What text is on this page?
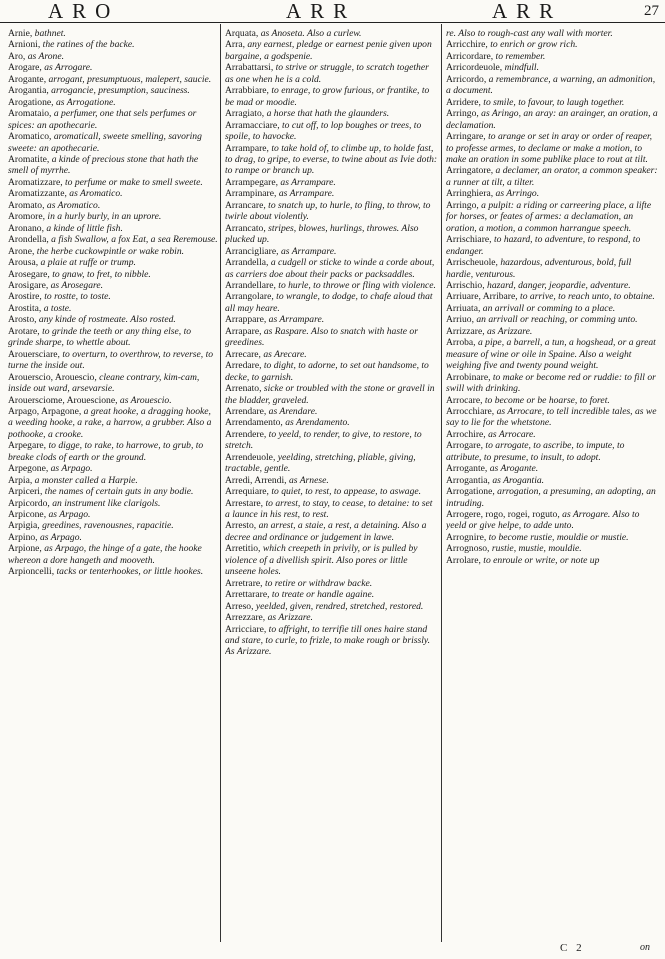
ARO	ARR	ARR	27

Arnie, bathnet.

Arnioni, the ratines of the backe.

Aro, as Arone.

Arogare, as Arrogare.

Arogante, arrogant, presumptuous, malepert, saucie.

Arogantia, arrogancie, presumption, sauciness.

Arogatione, as Arrogatione.

Aromataio, a perfumer, one that sels perfumes or spices: an apothecarie.

Aromatico, aromaticall, sweete smelling, savoring sweete: an apothecarie.

Aromatite, a kinde of precious stone that hath the smell of myrrhe.

Aromatizzare, to perfume or make to smell sweete.

Aromatizzante, as Aromatico.

Aromato, as Aromatico.

Aromore, in a hurly burly, in an uprore.

Aronano, a kinde of little fish.

Arondella, a fish Swallow, a fox Eat, a sea Reremouse.

Arone, the herbe cuckowpintle or wake robin.

Arousa, a plaie at ruffe or trump.

Arosegare, to gnaw, to fret, to nibble.

Arosigare, as Arosegare.

Arostire, to rostte, to toste.

Arostita, a toste.

Arosto, any kinde of rostmeate. Also rosted.

Arotare, to grinde the teeth or any thing else, to grinde sharpe, to whettle about.

Arouersciare, to overturn, to overthrow, to reverse, to turne the inside out.

Arouerscio, Arouescio, cleane contrary, kim-cam, inside out ward, arsevarsie.

Arouersciome, Arouescione, as Arouescio.

Arpago, Arpagone, a great hooke, a dragging hooke, a weeding hooke, a rake, a harrow, a grubber. Also a pothooke, a crooke.

Arpegare, to digge, to rake, to harrowe, to grub, to breake clods of earth or the ground.

Arpegone, as Arpago.

Arpia, a monster called a Harpie.

Arpiceri, the names of certain guts in any bodie.

Arpicordo, an instrument like clarigols.

Arpicone, as Arpago.

Arpigia, greedines, ravenousnes, rapacitie.

Arpino, as Arpago.

Arpione, as Arpago, the hinge of a gate, the hooke whereon a dore hangeth and mooveth.

Arpioncelli, tacks or tenterhookes, or little hookes.

Arquata, as Anoseta. Also a curlew.

Arra, any earnest, pledge or earnest penie given upon bargaine, a godspenie.

Arrabattarsi, to strive or struggle, to scratch together as one when he is a cold.

Arrabbiare, to enrage, to grow furious, or frantike, to be mad or moodie.

Arragiato, a horse that hath the glaunders.

Arramacciare, to cut off, to lop boughes or trees, to spoile, to havocke.

Arrampare, to take hold of, to climbe up, to holde fast, to drag, to gripe, to everse, to twine about as Ivie doth: to rampe or branch up.

Arrampegare, as Arrampare.

Arrampinare, as Arrampare.

Arrancare, to snatch up, to hurle, to fling, to throw, to twirle about violently.

Arrancato, stripes, blowes, hurlings, throwes. Also plucked up.

Arrancigliare, as Arrampare.

Arrandella, a cudgell or sticke to winde a corde about, as carriers doe about their packs or packsaddles.

Arrandellare, to hurle, to throwe or fling with violence.

Arrangolare, to wrangle, to dodge, to chafe aloud that all may heare.

Arrappare, as Arrampare.

Arrapare, as Raspare. Also to snatch with haste or greedines.

Arrecare, as Arecare.

Arredare, to dight, to adorne, to set out handsome, to decke, to garnish.

Arrenato, sicke or troubled with the stone or gravell in the bladder, graveled.

Arrendare, as Arendare.

Arrendamento, as Arendamento.

Arrendere, to yeeld, to render, to give, to restore, to stretch.

Arrendeuole, yeelding, stretching, pliable, giving, tractable, gentle.

Arredi, Arrendi, as Arnese.

Arrequiare, to quiet, to rest, to appease, to aswage.

Arrestare, to arrest, to stay, to cease, to detaine: to set a launce in his rest, to rest.

Arresto, an arrest, a staie, a rest, a detaining. Also a decree and ordinance or judgement in lawe.

Arretitio, which creepeth in privily, or is pulled by violence of a divellish spirit. Also pores or little unseene holes.

Arretrare, to retire or withdraw backe.

Arrettarare, to treate or handle againe.

Arreso, yeelded, given, rendred, stretched, restored.

Arrezzare, as Arizzare.

Arricciare, to affright, to terrifie till ones haire stand and stare, to curle, to frizle, to make rough or brissly. As Arizzare.

re. Also to rough-cast any wall with morter.

Arricchire, to enrich or grow rich.

Arricordare, to remember.

Arricordeuole, mindfull.

Arricordo, a remembrance, a warning, an admonition, a document.

Arridere, to smile, to favour, to laugh together.

Arringo, as Aringo, an aray: an arainger, an oration, a declamation.

Arringare, to arange or set in aray or order of reaper, to professe armes, to declame or make a motion, to make an oration in some publike place to rout at tilt.

Arringatore, a declamer, an orator, a common speaker: a runner at tilt, a tilter.

Arringhiera, as Arringo.

Arringo, a pulpit: a riding or carreering place, a lifte for horses, or feates of armes: a declamation, an oration, a motion, a common harrangue speech.

Arrischiare, to hazard, to adventure, to respond, to endanger.

Arrischeuole, hazardous, adventurous, bold, full hardie, venturous.

Arrischio, hazard, danger, jeopardie, adventure.

Arriuare, Arribare, to arrive, to reach unto, to obtaine.

Arriuata, an arrivall or comming to a place.

Arriuo, an arrivall or reaching, or comming unto.

Arrizzare, as Arizzare.

Arroba, a pipe, a barrell, a tun, a hogshead, or a great measure of wine or oile in Spaine. Also a weight weighing five and twenty pound weight.

Arrobinare, to make or become red or ruddie: to fill or swill with drinking.

Arrocare, to become or be hoarse, to foret.

Arrocchiare, as Arrocare, to tell incredible tales, as we say to lie for the whetstone.

Arrochire, as Arrocare.

Arrogare, to arrogate, to ascribe, to impute, to attribute, to presume, to insult, to adopt.

Arrogante, as Arogante.

Arrogantia, as Arogantia.

Arrogatione, arrogation, a presuming, an adopting, an intruding.

Arrogere, rogo, rogei, roguto, as Arrogare. Also to yeeld or give helpe, to adde unto.

Arrognire, to become rustie, mouldie or mustie.

Arrognoso, rustie, mustie, mouldie.

Arrolare, to enroule or write, or note up

C 2	on
